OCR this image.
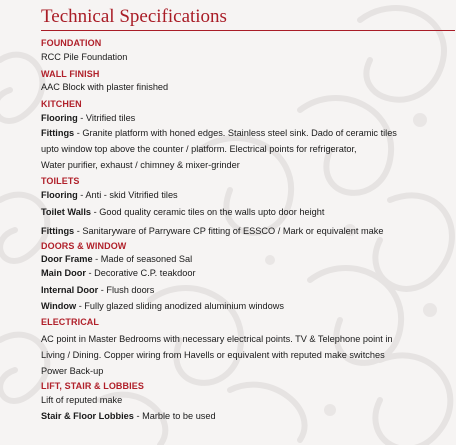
Technical Specifications
FOUNDATION
RCC Pile Foundation
WALL FINISH
AAC Block with plaster finished
KITCHEN
Flooring - Vitrified tiles
Fittings - Granite platform with honed edges. Stainless steel sink. Dado of ceramic tiles
upto window top above the counter / platform. Electrical points for refrigerator,
Water purifier, exhaust / chimney & mixer-grinder
TOILETS
Flooring - Anti - skid Vitrified tiles
Toilet Walls - Good quality ceramic tiles on the walls upto door height
Fittings - Sanitaryware of Parryware CP fitting of ESSCO / Mark or equivalent make
DOORS & WINDOW
Door Frame - Made of seasoned Sal
Main Door - Decorative C.P. teakdoor
Internal Door - Flush doors
Window - Fully glazed sliding anodized aluminium windows
ELECTRICAL
AC point in Master Bedrooms with necessary electrical points. TV & Telephone point in
Living / Dining. Copper wiring from Havells or equivalent with reputed make switches
Power Back-up
LIFT, STAIR & LOBBIES
Lift of reputed make
Stair & Floor Lobbies - Marble to be used
